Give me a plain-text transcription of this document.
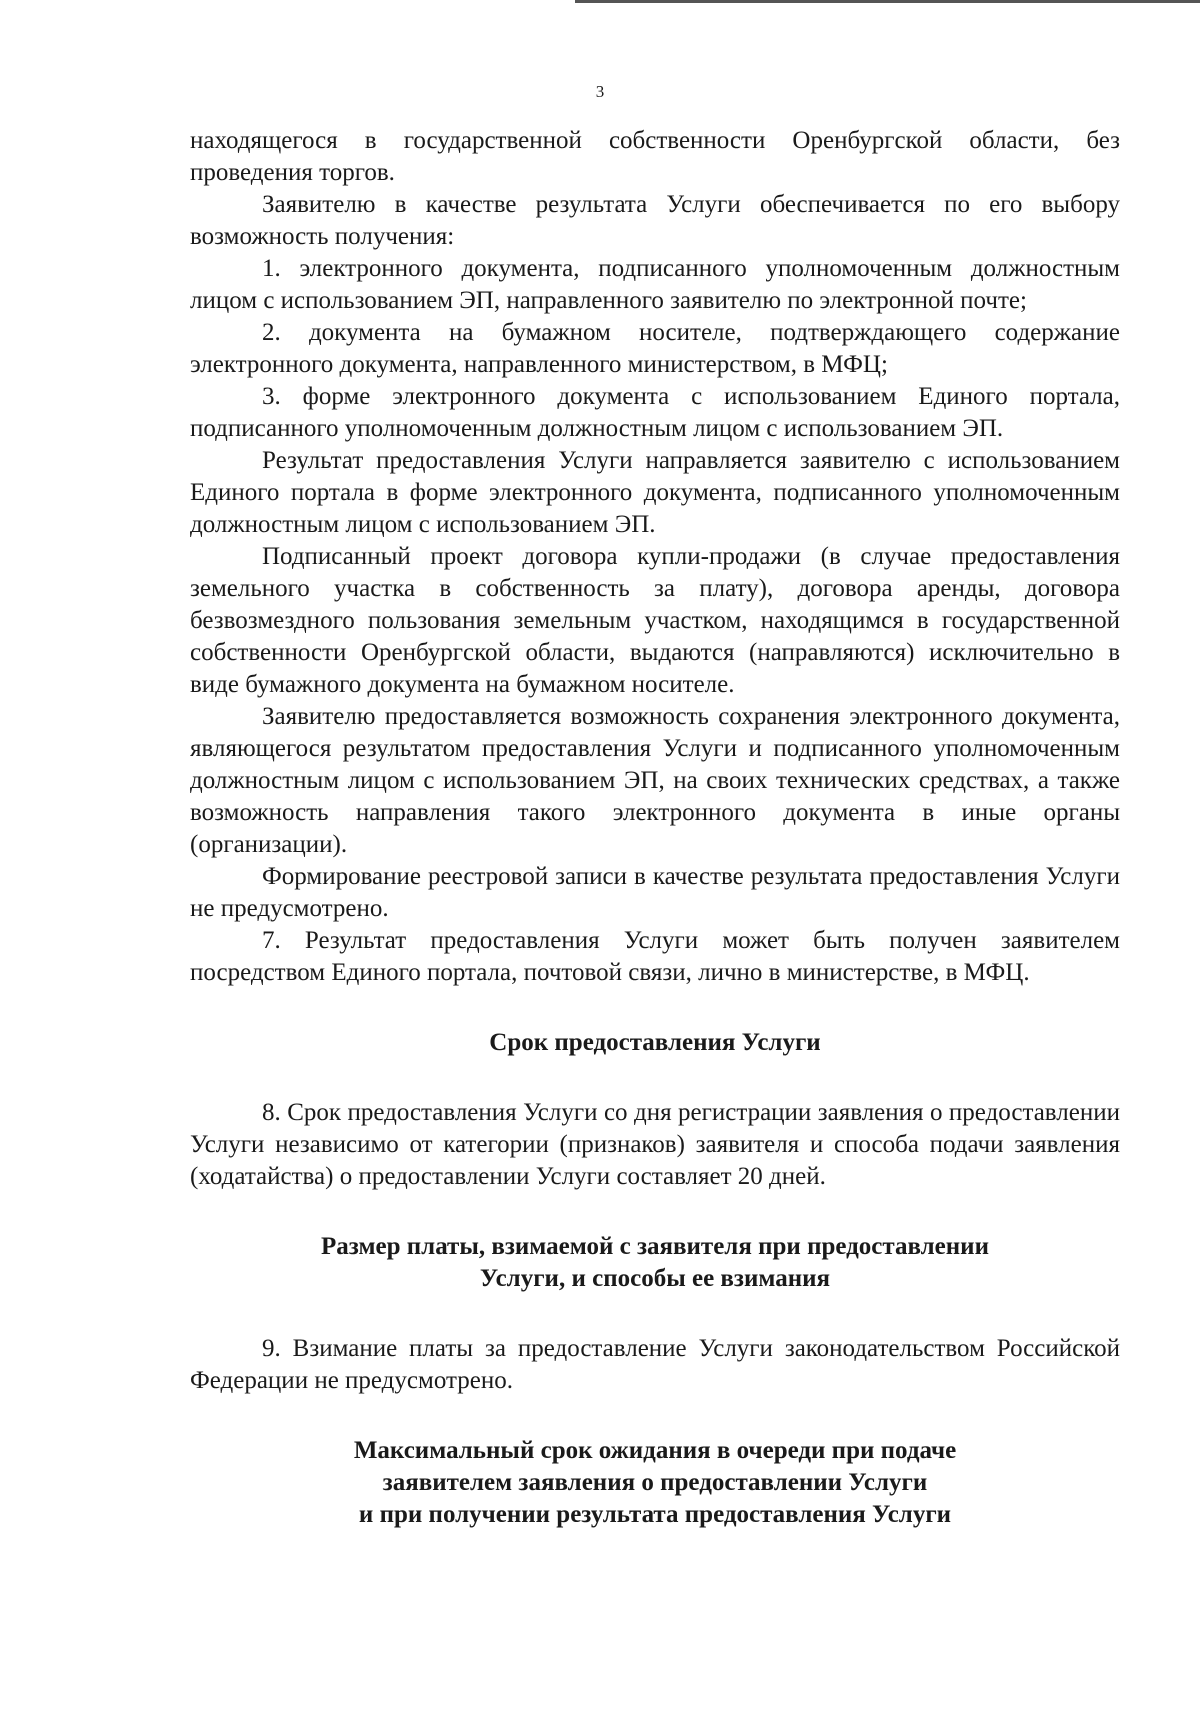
3

находящегося в государственной собственности Оренбургской области, без проведения торгов.

Заявителю в качестве результата Услуги обеспечивается по его выбору возможность получения:

1. электронного документа, подписанного уполномоченным должностным лицом с использованием ЭП, направленного заявителю по электронной почте;

2. документа на бумажном носителе, подтверждающего содержание электронного документа, направленного министерством, в МФЦ;

3. форме электронного документа с использованием Единого портала, подписанного уполномоченным должностным лицом с использованием ЭП.

Результат предоставления Услуги направляется заявителю с использованием Единого портала в форме электронного документа, подписанного уполномоченным должностным лицом с использованием ЭП.

Подписанный проект договора купли-продажи (в случае предоставления земельного участка в собственность за плату), договора аренды, договора безвозмездного пользования земельным участком, находящимся в государственной собственности Оренбургской области, выдаются (направляются) исключительно в виде бумажного документа на бумажном носителе.

Заявителю предоставляется возможность сохранения электронного документа, являющегося результатом предоставления Услуги и подписанного уполномоченным должностным лицом с использованием ЭП, на своих технических средствах, а также возможность направления такого электронного документа в иные органы (организации).

Формирование реестровой записи в качестве результата предоставления Услуги не предусмотрено.

7. Результат предоставления Услуги может быть получен заявителем посредством Единого портала, почтовой связи, лично в министерстве, в МФЦ.

Срок предоставления Услуги

8. Срок предоставления Услуги со дня регистрации заявления о предоставлении Услуги независимо от категории (признаков) заявителя и способа подачи заявления (ходатайства) о предоставлении Услуги составляет 20 дней.

Размер платы, взимаемой с заявителя при предоставлении
Услуги, и способы ее взимания

9. Взимание платы за предоставление Услуги законодательством Российской Федерации не предусмотрено.

Максимальный срок ожидания в очереди при подаче
заявителем заявления о предоставлении Услуги
и при получении результата предоставления Услуги
